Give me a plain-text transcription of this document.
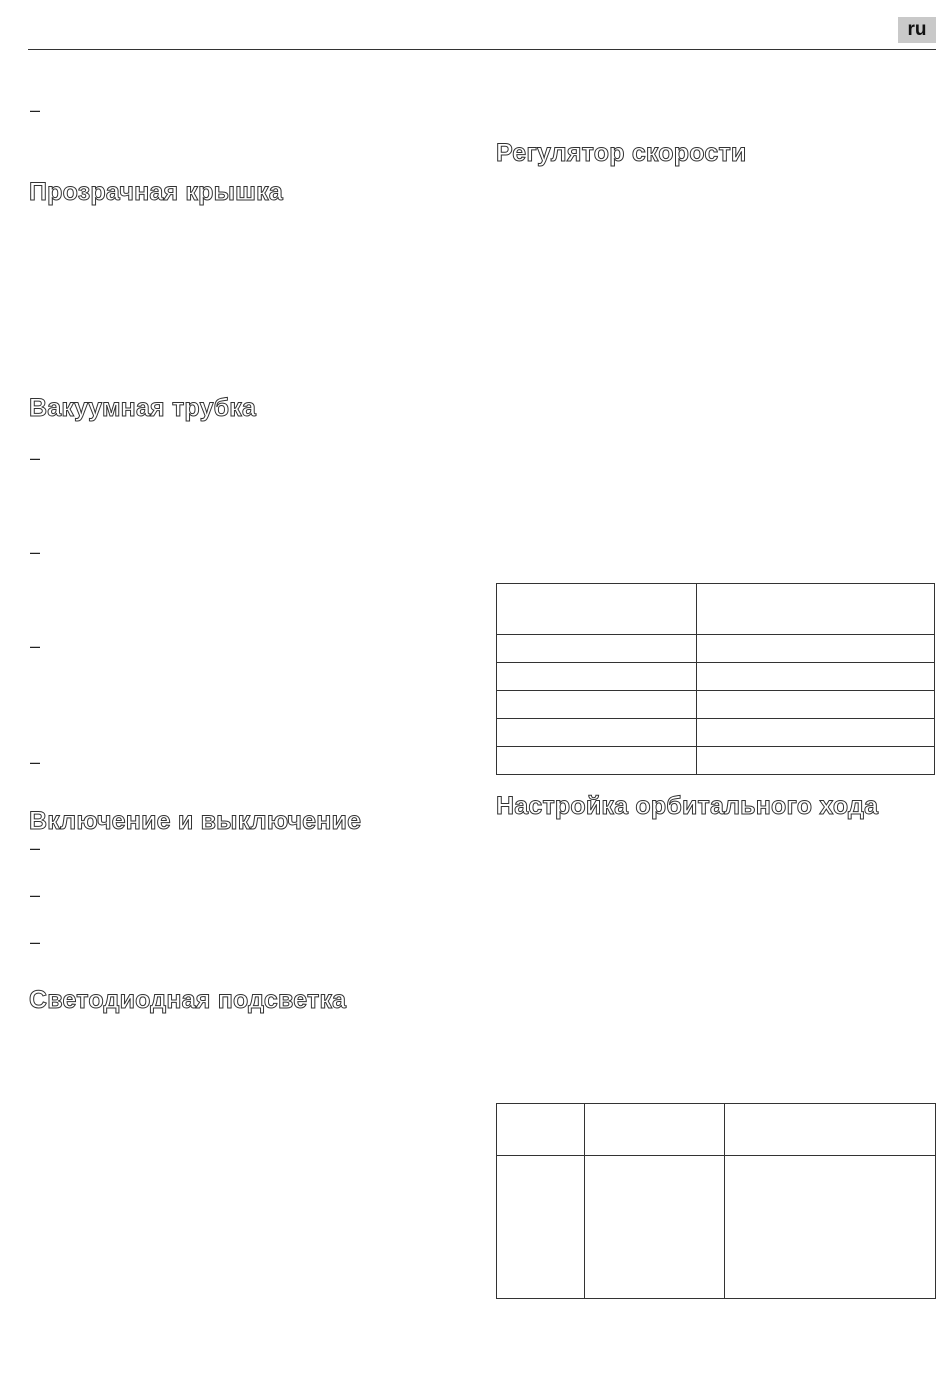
ru
–
Прозрачная крышка
Вакуумная трубка
–
–
–
–
Включение и выключение
–
–
–
Светодиодная подсветка
Регулятор скорости

Настройка орбитального хода
